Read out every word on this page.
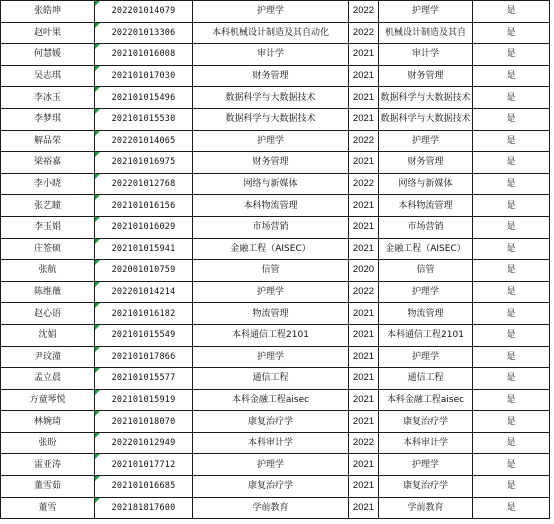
张皓坤	202201014079	护理学	2022	护理学	是
赵叶果	202201013306	本科机械设计制造及其自动化	2022	机械设计制造及其自	是
何慧媛	202101016008	审计学	2021	审计学	是
吴志琪	202101017030	财务管理	2021	财务管理	是
李冰玉	202101015496	数据科学与大数据技术	2021	数据科学与大数据技术	是
李梦琪	202101015530	数据科学与大数据技术	2021	数据科学与大数据技术	是
解品荣	202201014065	护理学	2022	护理学	是
梁裕嘉	202101016975	财务管理	2021	财务管理	是
李小晓	202201012768	网络与新媒体	2022	网络与新媒体	是
张艺瞳	202101016156	本科物流管理	2021	本科物流管理	是
李玉娟	202101016029	市场营销	2021	市场营销	是
庄签硕	202101015941	金融工程（AISEC）	2021	金融工程（AISEC）	是
张航	202001010759	信管	2020	信管	是
陈维薇	202201014214	护理学	2022	护理学	是
赵心语	202101016182	物流管理	2021	物流管理	是
沈娟	202101015549	本科通信工程2101	2021	本科通信工程2101	是
尹玟潼	202101017866	护理学	2021	护理学	是
孟立晨	202101015577	通信工程	2021	通信工程	是
方童琴悦	202101015919	本科金融工程aisec	2021	本科金融工程aisec	是
林婉琦	202101018070	康复治疗学	2021	康复治疗学	是
张盼	202201012949	本科审计学	2022	本科审计学	是
雷亚涛	202101017712	护理学	2021	护理学	是
董雪茹	202101016685	康复治疗学	2021	康复治疗学	是
董雪	202181817600	学前教育	2021	学前教育	是
